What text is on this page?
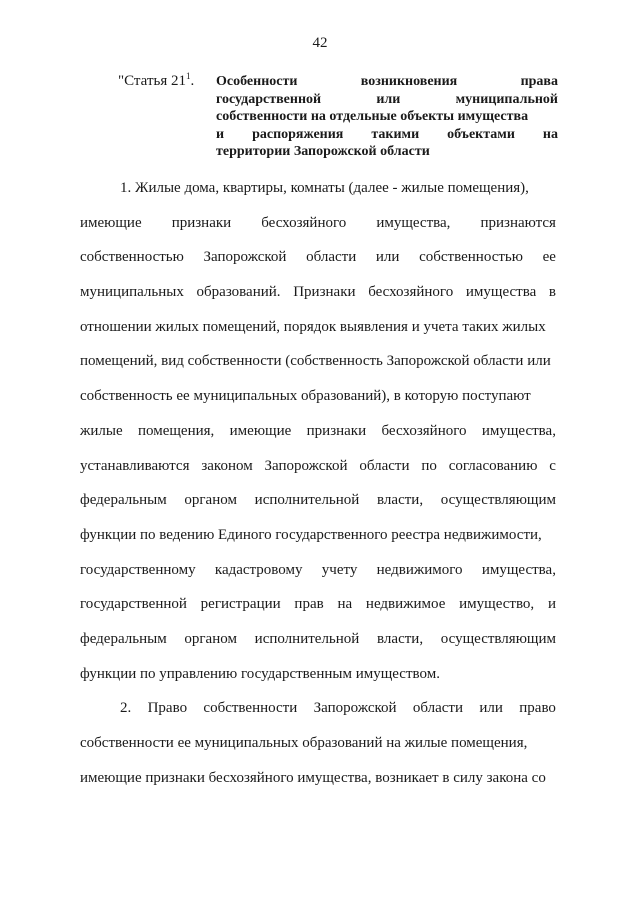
42
"Статья $21^1$. Особенности	возникновения	права
государственной	или	муниципальной
собственности на отдельные объекты имущества
и распоряжения такими объектами на
территории Запорожской области
1. Жилые дома, квартиры, комнаты (далее - жилые помещения),
имеющие признаки бесхозяйного имущества, признаются
собственностью Запорожской области или собственностью ее
муниципальных образований. Признаки бесхозяйного имущества в
отношении жилых помещений, порядок выявления и учета таких жилых
помещений, вид собственности (собственность Запорожской области или
собственность ее муниципальных образований), в которую поступают
жилые помещения, имеющие признаки бесхозяйного имущества,
устанавливаются законом Запорожской области по согласованию с
федеральным органом исполнительной власти, осуществляющим
функции по ведению Единого государственного реестра недвижимости,
государственному кадастровому учету недвижимого имущества,
государственной регистрации прав на недвижимое имущество, и
федеральным органом исполнительной власти, осуществляющим
функции по управлению государственным имуществом.
2. Право собственности Запорожской области или право
собственности ее муниципальных образований на жилые помещения,
имеющие признаки бесхозяйного имущества, возникает в силу закона со
